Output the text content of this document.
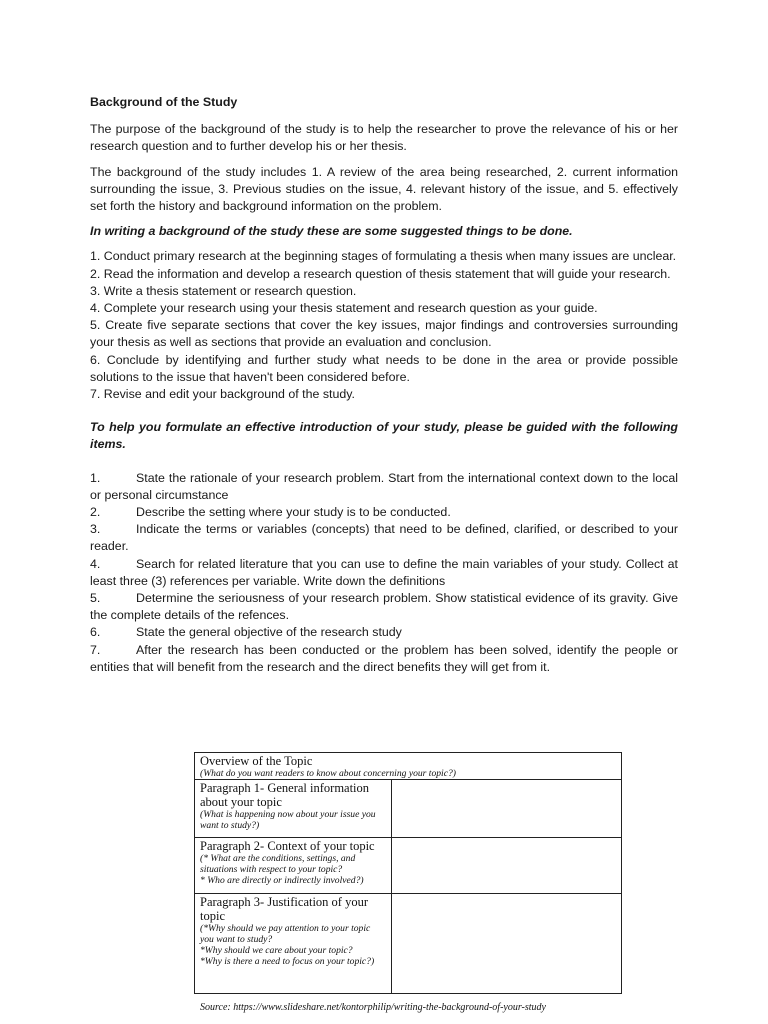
Background of the Study

The purpose of the background of the study is to help the researcher to prove the relevance of his or her research question and to further develop his or her thesis.

The background of the study includes 1. A review of the area being researched, 2. current information surrounding the issue, 3. Previous studies on the issue, 4. relevant history of the issue, and 5. effectively set forth the history and background information on the problem.

In writing a background of the study these are some suggested things to be done.

1. Conduct primary research at the beginning stages of formulating a thesis when many issues are unclear.
2. Read the information and develop a research question of thesis statement that will guide your research.
3. Write a thesis statement or research question.
4. Complete your research using your thesis statement and research question as your guide.
5. Create five separate sections that cover the key issues, major findings and controversies surrounding your thesis as well as sections that provide an evaluation and conclusion.
6. Conclude by identifying and further study what needs to be done in the area or provide possible solutions to the issue that haven't been considered before.
7. Revise and edit your background of the study.

To help you formulate an effective introduction of your study, please be guided with the following items.

1.	State the rationale of your research problem. Start from the international context down to the local or personal circumstance
2.	Describe the setting where your study is to be conducted.
3.	Indicate the terms or variables (concepts) that need to be defined, clarified, or described to your reader.
4.	Search for related literature that you can use to define the main variables of your study. Collect at least three (3) references per variable. Write down the definitions
5.	Determine the seriousness of your research problem. Show statistical evidence of its gravity. Give the complete details of the refences.
6.	State the general objective of the research study
7.	After the research has been conducted or the problem has been solved, identify the people or entities that will benefit from the research and the direct benefits they will get from it.
Overview of the Topic
(What do you want readers to know about concerning your topic?)	

Paragraph 1- General information about your topic
(What is happening now about your issue you want to study?)	

Paragraph 2- Context of your topic
(* What are the conditions, settings, and situations with respect to your topic?
* Who are directly or indirectly involved?)	

Paragraph 3- Justification of your topic
(*Why should we pay attention to your topic you want to study?
*Why should we care about your topic?
*Why is there a need to focus on your topic?)	

Source: https://www.slideshare.net/kontorphilip/writing-the-background-of-your-study
